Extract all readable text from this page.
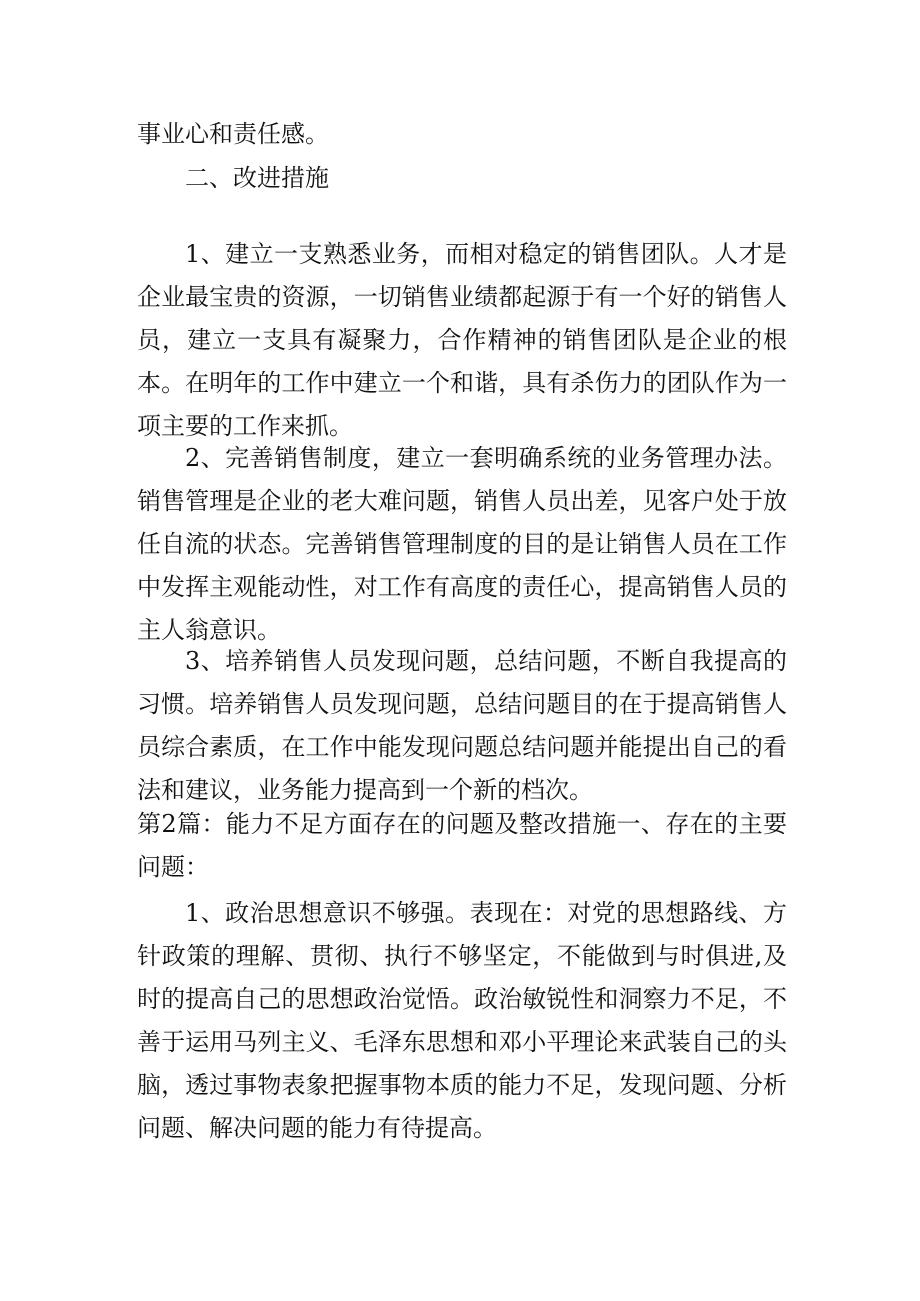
事业心和责任感。

二、改进措施

1、建立一支熟悉业务，而相对稳定的销售团队。人才是企业最宝贵的资源，一切销售业绩都起源于有一个好的销售人员，建立一支具有凝聚力，合作精神的销售团队是企业的根本。在明年的工作中建立一个和谐，具有杀伤力的团队作为一项主要的工作来抓。

2、完善销售制度，建立一套明确系统的业务管理办法。销售管理是企业的老大难问题，销售人员出差，见客户处于放任自流的状态。完善销售管理制度的目的是让销售人员在工作中发挥主观能动性，对工作有高度的责任心，提高销售人员的主人翁意识。

3、培养销售人员发现问题，总结问题，不断自我提高的习惯。培养销售人员发现问题，总结问题目的在于提高销售人员综合素质，在工作中能发现问题总结问题并能提出自己的看法和建议，业务能力提高到一个新的档次。

第2篇：能力不足方面存在的问题及整改措施一、存在的主要问题：

1、政治思想意识不够强。表现在：对党的思想路线、方针政策的理解、贯彻、执行不够坚定，不能做到与时俱进,及时的提高自己的思想政治觉悟。政治敏锐性和洞察力不足，不善于运用马列主义、毛泽东思想和邓小平理论来武装自己的头脑，透过事物表象把握事物本质的能力不足，发现问题、分析问题、解决问题的能力有待提高。
